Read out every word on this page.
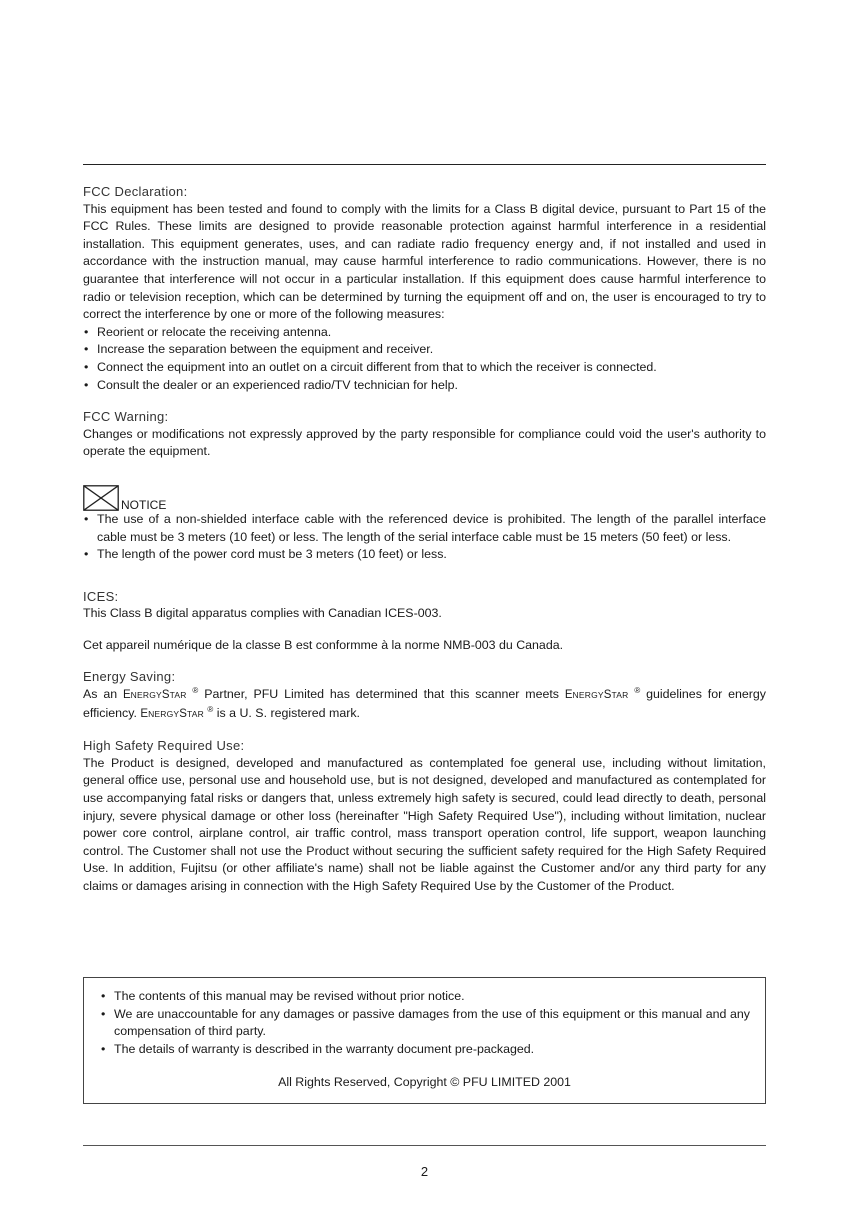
FCC Declaration:

This equipment has been tested and found to comply with the limits for a Class B digital device, pursuant to Part 15 of the FCC Rules. These limits are designed to provide reasonable protection against harmful interference in a residential installation. This equipment generates, uses, and can radiate radio frequency energy and, if not installed and used in accordance with the instruction manual, may cause harmful interference to radio communications. However, there is no guarantee that interference will not occur in a particular installation. If this equipment does cause harmful interference to radio or television reception, which can be determined by turning the equipment off and on, the user is encouraged to try to correct the interference by one or more of the following measures:

• Reorient or relocate the receiving antenna.
• Increase the separation between the equipment and receiver.
• Connect the equipment into an outlet on a circuit different from that to which the receiver is connected.
• Consult the dealer or an experienced radio/TV technician for help.

FCC Warning:

Changes or modifications not expressly approved by the party responsible for compliance could void the user's authority to operate the equipment.

NOTICE
• The use of a non-shielded interface cable with the referenced device is prohibited. The length of the parallel interface cable must be 3 meters (10 feet) or less. The length of the serial interface cable must be 15 meters (50 feet) or less.
• The length of the power cord must be 3 meters (10 feet) or less.

ICES:

This Class B digital apparatus complies with Canadian ICES-003.

Cet appareil numérique de la classe B est conformme à la norme NMB-003 du Canada.

Energy Saving:

As an ENERGYSTAR ® Partner, PFU Limited has determined that this scanner meets ENERGYSTAR ® guidelines for energy efficiency. ENERGYSTAR ® is a U. S. registered mark.

High Safety Required Use:

The Product is designed, developed and manufactured as contemplated foe general use, including without limitation, general office use, personal use and household use, but is not designed, developed and manufactured as contemplated for use accompanying fatal risks or dangers that, unless extremely high safety is secured, could lead directly to death, personal injury, severe physical damage or other loss (hereinafter "High Safety Required Use"), including without limitation, nuclear power core control, airplane control, air traffic control, mass transport operation control, life support, weapon launching control. The Customer shall not use the Product without securing the sufficient safety required for the High Safety Required Use. In addition, Fujitsu (or other affiliate's name) shall not be liable against the Customer and/or any third party for any claims or damages arising in connection with the High Safety Required Use by the Customer of the Product.

• The contents of this manual may be revised without prior notice.
• We are unaccountable for any damages or passive damages from the use of this equipment or this manual and any compensation of third party.
• The details of warranty is described in the warranty document pre-packaged.
All Rights Reserved, Copyright © PFU LIMITED 2001
2
